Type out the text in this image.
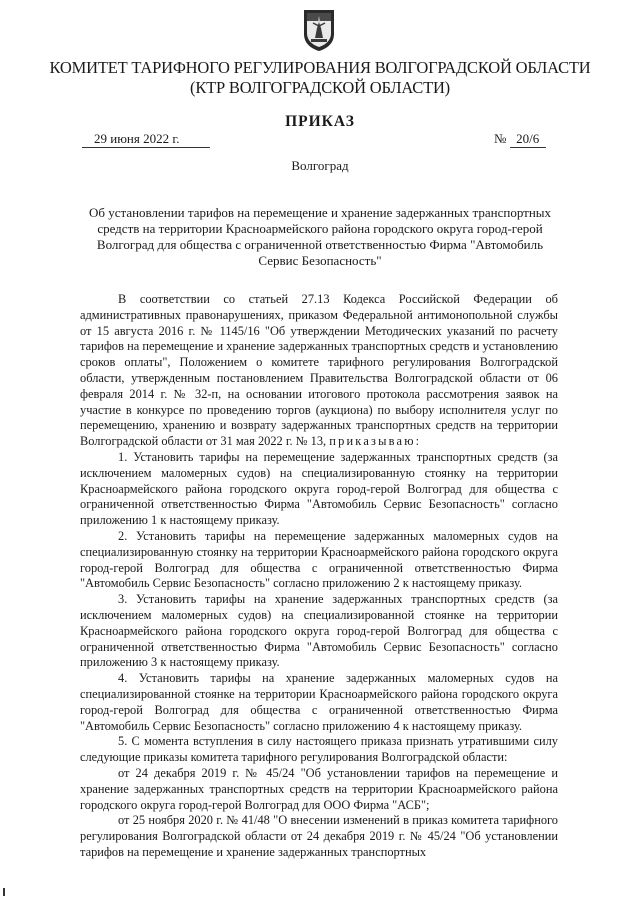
КОМИТЕТ ТАРИФНОГО РЕГУЛИРОВАНИЯ ВОЛГОГРАДСКОЙ ОБЛАСТИ
(КТР ВОЛГОГРАДСКОЙ ОБЛАСТИ)
ПРИКАЗ
29 июня 2022 г.	№ 20/6
Волгоград
Об установлении тарифов на перемещение и хранение задержанных транспортных средств на территории Красноармейского района городского округа город-герой Волгоград для общества с ограниченной ответственностью Фирма "Автомобиль Сервис Безопасность"

В соответствии со статьей 27.13 Кодекса Российской Федерации об административных правонарушениях, приказом Федеральной антимонопольной службы от 15 августа 2016 г. № 1145/16 "Об утверждении Методических указаний по расчету тарифов на перемещение и хранение задержанных транспортных средств и установлению сроков оплаты", Положением о комитете тарифного регулирования Волгоградской области, утвержденным постановлением Правительства Волгоградской области от 06 февраля 2014 г. № 32-п, на основании итогового протокола рассмотрения заявок на участие в конкурсе по проведению торгов (аукциона) по выбору исполнителя услуг по перемещению, хранению и возврату задержанных транспортных средств на территории Волгоградской области от 31 мая 2022 г. № 13, приказываю:

1. Установить тарифы на перемещение задержанных транспортных средств (за исключением маломерных судов) на специализированную стоянку на территории Красноармейского района городского округа город-герой Волгоград для общества с ограниченной ответственностью Фирма "Автомобиль Сервис Безопасность" согласно приложению 1 к настоящему приказу.

2. Установить тарифы на перемещение задержанных маломерных судов на специализированную стоянку на территории Красноармейского района городского округа город-герой Волгоград для общества с ограниченной ответственностью Фирма "Автомобиль Сервис Безопасность" согласно приложению 2 к настоящему приказу.

3. Установить тарифы на хранение задержанных транспортных средств (за исключением маломерных судов) на специализированной стоянке на территории Красноармейского района городского округа город-герой Волгоград для общества с ограниченной ответственностью Фирма "Автомобиль Сервис Безопасность" согласно приложению 3 к настоящему приказу.

4. Установить тарифы на хранение задержанных маломерных судов на специализированной стоянке на территории Красноармейского района городского округа город-герой Волгоград для общества с ограниченной ответственностью Фирма "Автомобиль Сервис Безопасность" согласно приложению 4 к настоящему приказу.

5. С момента вступления в силу настоящего приказа признать утратившими силу следующие приказы комитета тарифного регулирования Волгоградской области:

от 24 декабря 2019 г. № 45/24 "Об установлении тарифов на перемещение и хранение задержанных транспортных средств на территории Красноармейского района городского округа город-герой Волгоград для ООО Фирма "АСБ";

от 25 ноября 2020 г. № 41/48 "О внесении изменений в приказ комитета тарифного регулирования Волгоградской области от 24 декабря 2019 г. № 45/24 "Об установлении тарифов на перемещение и хранение задержанных транспортных
